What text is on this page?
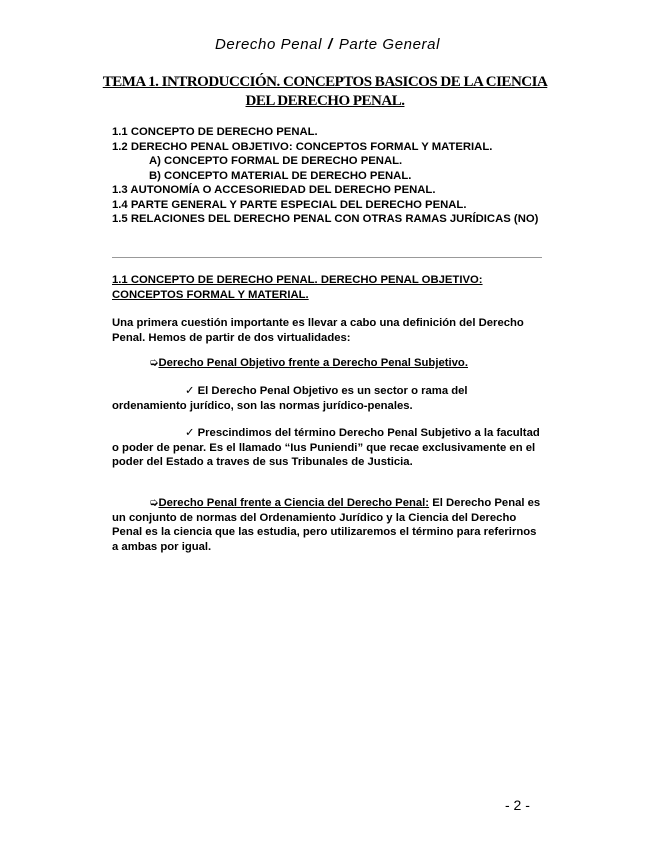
Derecho Penal / Parte General
TEMA 1. INTRODUCCIÓN. CONCEPTOS BASICOS DE LA CIENCIA DEL DERECHO PENAL.
1.1 CONCEPTO DE DERECHO PENAL.
1.2 DERECHO PENAL OBJETIVO: CONCEPTOS FORMAL Y MATERIAL.
A) CONCEPTO FORMAL DE DERECHO PENAL.
B) CONCEPTO MATERIAL DE DERECHO PENAL.
1.3 AUTONOMÍA O ACCESORIEDAD DEL DERECHO PENAL.
1.4 PARTE GENERAL Y PARTE ESPECIAL DEL DERECHO PENAL.
1.5 RELACIONES DEL DERECHO PENAL CON OTRAS RAMAS JURÍDICAS (NO)
1.1 CONCEPTO DE DERECHO PENAL. DERECHO PENAL OBJETIVO: CONCEPTOS FORMAL Y MATERIAL.
Una primera cuestión importante es llevar a cabo una definición del Derecho Penal. Hemos de partir de dos virtualidades:
➭Derecho Penal Objetivo frente a Derecho Penal Subjetivo.
✓ El Derecho Penal Objetivo es un sector o rama del ordenamiento jurídico, son las normas jurídico-penales.
✓ Prescindimos del término Derecho Penal Subjetivo a la facultad o poder de penar. Es el llamado “Ius Puniendi” que recae exclusivamente en el poder del Estado a traves de sus Tribunales de Justicia.
➭Derecho Penal frente a Ciencia del Derecho Penal: El Derecho Penal es un conjunto de normas del Ordenamiento Jurídico y la Ciencia del Derecho Penal es la ciencia que las estudia, pero utilizaremos el término para referirnos a ambas por igual.
- 2 -
